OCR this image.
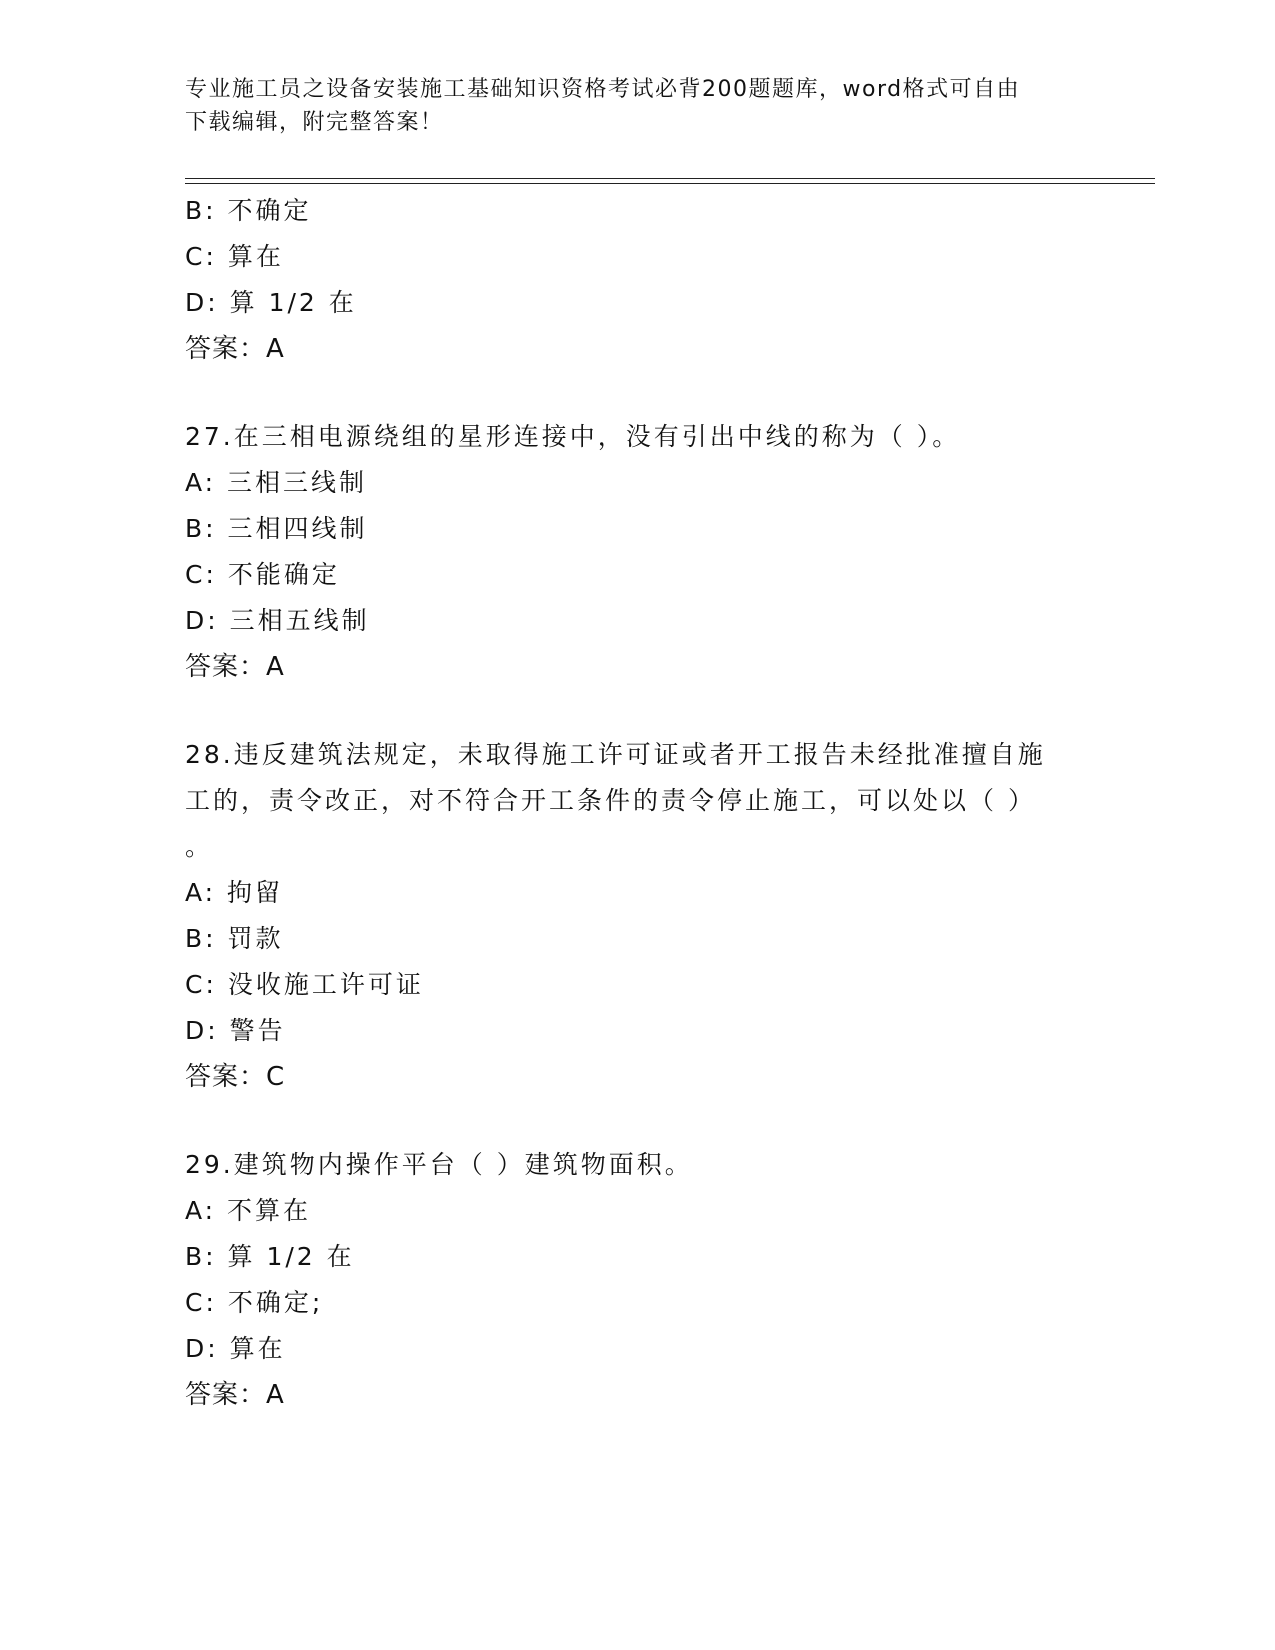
专业施工员之设备安装施工基础知识资格考试必背200题题库，word格式可自由
下载编辑，附完整答案！
B: 不确定
C: 算在
D: 算 1/2 在
答案：A
27.在三相电源绕组的星形连接中，没有引出中线的称为（ ）。
A: 三相三线制
B: 三相四线制
C: 不能确定
D: 三相五线制
答案：A
28.违反建筑法规定，未取得施工许可证或者开工报告未经批准擅自施
工的，责令改正，对不符合开工条件的责令停止施工，可以处以（ ）
。
A: 拘留
B: 罚款
C: 没收施工许可证
D: 警告
答案：C
29.建筑物内操作平台（ ）建筑物面积。
A: 不算在
B: 算 1/2 在
C: 不确定;
D: 算在
答案：A
